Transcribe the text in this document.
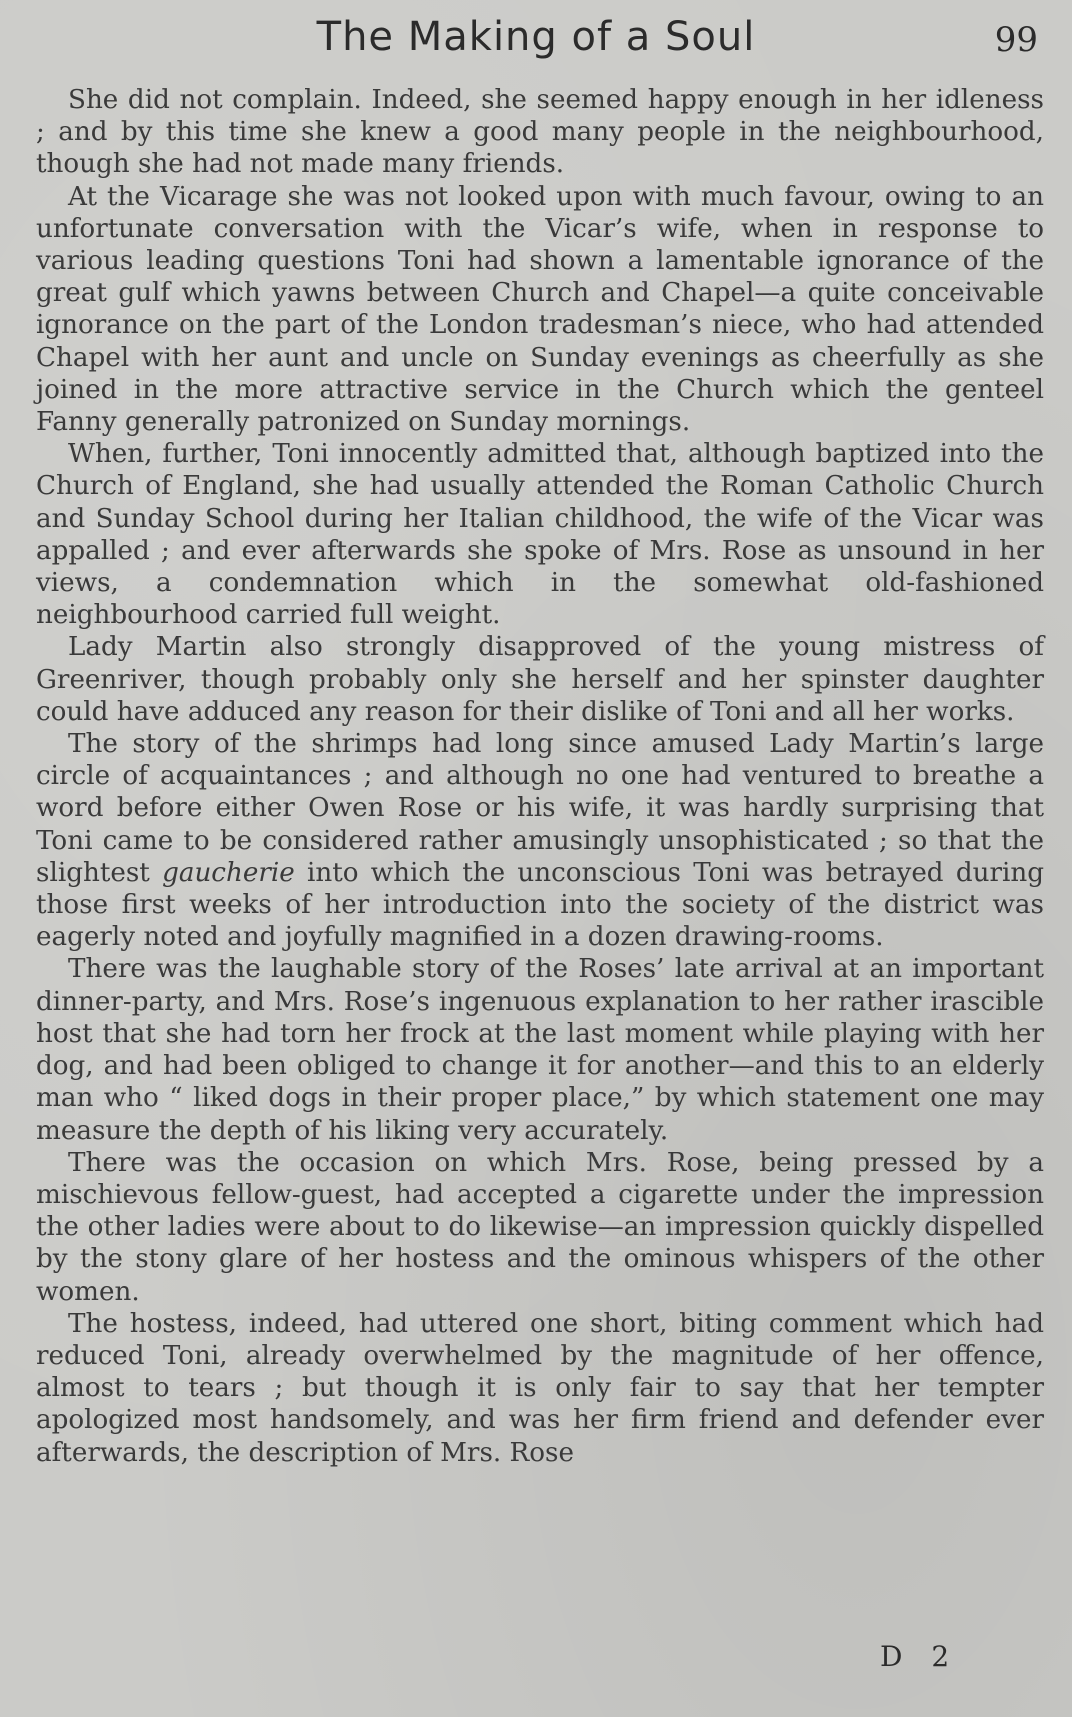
The Making of a Soul	99

She did not complain. Indeed, she seemed happy enough in her idleness ; and by this time she knew a good many people in the neighbourhood, though she had not made many friends.

At the Vicarage she was not looked upon with much favour, owing to an unfortunate conversation with the Vicar’s wife, when in response to various leading questions Toni had shown a lamentable ignorance of the great gulf which yawns between Church and Chapel—a quite conceivable ignorance on the part of the London tradesman’s niece, who had attended Chapel with her aunt and uncle on Sunday evenings as cheerfully as she joined in the more attractive service in the Church which the genteel Fanny generally patronized on Sunday mornings.

When, further, Toni innocently admitted that, although baptized into the Church of England, she had usually attended the Roman Catholic Church and Sunday School during her Italian childhood, the wife of the Vicar was appalled ; and ever afterwards she spoke of Mrs. Rose as unsound in her views, a condemnation which in the somewhat old-fashioned neighbourhood carried full weight.

Lady Martin also strongly disapproved of the young mistress of Greenriver, though probably only she herself and her spinster daughter could have adduced any reason for their dislike of Toni and all her works.

The story of the shrimps had long since amused Lady Martin’s large circle of acquaintances ; and although no one had ventured to breathe a word before either Owen Rose or his wife, it was hardly surprising that Toni came to be considered rather amusingly unsophisticated ; so that the slightest gaucherie into which the unconscious Toni was betrayed during those first weeks of her introduction into the society of the district was eagerly noted and joyfully magnified in a dozen drawing-rooms.

There was the laughable story of the Roses’ late arrival at an important dinner-party, and Mrs. Rose’s ingenuous explanation to her rather irascible host that she had torn her frock at the last moment while playing with her dog, and had been obliged to change it for another—and this to an elderly man who “ liked dogs in their proper place,” by which statement one may measure the depth of his liking very accurately.

There was the occasion on which Mrs. Rose, being pressed by a mischievous fellow-guest, had accepted a cigarette under the impression the other ladies were about to do likewise—an impression quickly dispelled by the stony glare of her hostess and the ominous whispers of the other women.

The hostess, indeed, had uttered one short, biting comment which had reduced Toni, already overwhelmed by the magnitude of her offence, almost to tears ; but though it is only fair to say that her tempter apologized most handsomely, and was her firm friend and defender ever afterwards, the description of Mrs. Rose

D 2
